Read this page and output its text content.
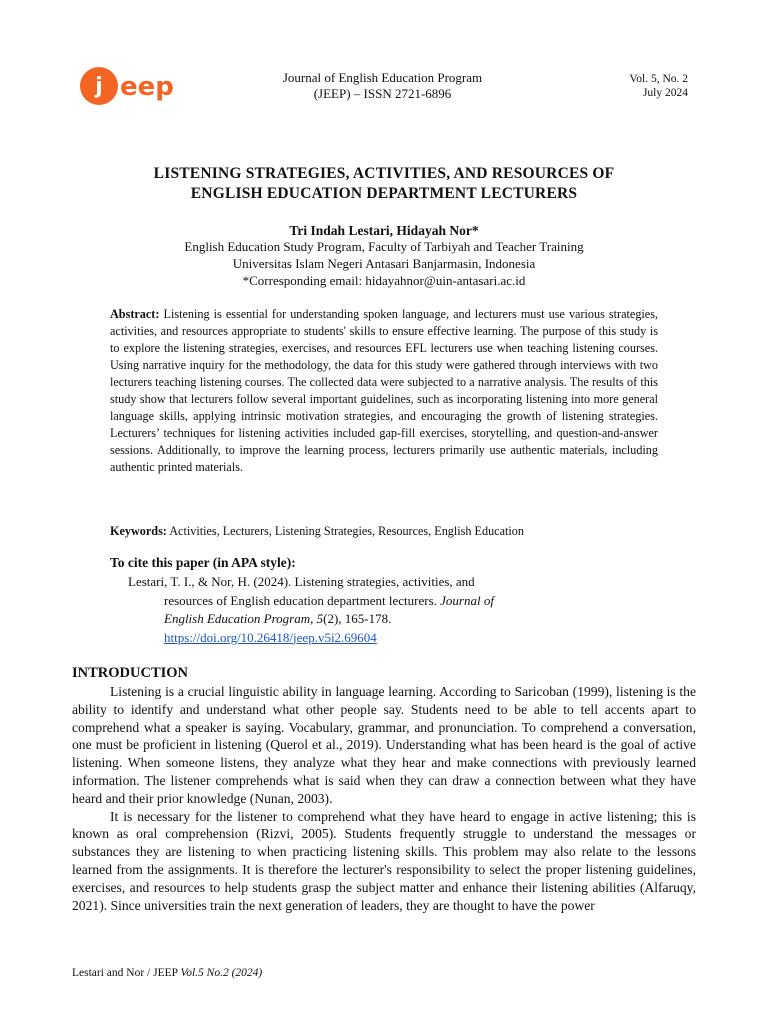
j eep	Journal of English Education Program
(JEEP) – ISSN 2721-6896
Vol. 5, No. 2
July 2024
LISTENING STRATEGIES, ACTIVITIES, AND RESOURCES OF
ENGLISH EDUCATION DEPARTMENT LECTURERS
Tri Indah Lestari, Hidayah Nor*
English Education Study Program, Faculty of Tarbiyah and Teacher Training
Universitas Islam Negeri Antasari Banjarmasin, Indonesia
*Corresponding email: hidayahnor@uin-antasari.ac.id
Abstract: Listening is essential for understanding spoken language, and lecturers must use various strategies, activities, and resources appropriate to students' skills to ensure effective learning. The purpose of this study is to explore the listening strategies, exercises, and resources EFL lecturers use when teaching listening courses. Using narrative inquiry for the methodology, the data for this study were gathered through interviews with two lecturers teaching listening courses. The collected data were subjected to a narrative analysis. The results of this study show that lecturers follow several important guidelines, such as incorporating listening into more general language skills, applying intrinsic motivation strategies, and encouraging the growth of listening strategies. Lecturers’ techniques for listening activities included gap-fill exercises, storytelling, and question-and-answer sessions. Additionally, to improve the learning process, lecturers primarily use authentic materials, including authentic printed materials.
Keywords: Activities, Lecturers, Listening Strategies, Resources, English Education
To cite this paper (in APA style):
Lestari, T. I., & Nor, H. (2024). Listening strategies, activities, and
resources of English education department lecturers. Journal of
English Education Program, 5(2), 165-178.
https://doi.org/10.26418/jeep.v5i2.69604
INTRODUCTION

Listening is a crucial linguistic ability in language learning. According to Saricoban (1999), listening is the ability to identify and understand what other people say. Students need to be able to tell accents apart to comprehend what a speaker is saying. Vocabulary, grammar, and pronunciation. To comprehend a conversation, one must be proficient in listening (Querol et al., 2019). Understanding what has been heard is the goal of active listening. When someone listens, they analyze what they hear and make connections with previously learned information. The listener comprehends what is said when they can draw a connection between what they have heard and their prior knowledge (Nunan, 2003).

It is necessary for the listener to comprehend what they have heard to engage in active listening; this is known as oral comprehension (Rizvi, 2005). Students frequently struggle to understand the messages or substances they are listening to when practicing listening skills. This problem may also relate to the lessons learned from the assignments. It is therefore the lecturer's responsibility to select the proper listening guidelines, exercises, and resources to help students grasp the subject matter and enhance their listening abilities (Alfaruqy, 2021). Since universities train the next generation of leaders, they are thought to have the power

Lestari and Nor / JEEP Vol.5 No.2 (2024)
